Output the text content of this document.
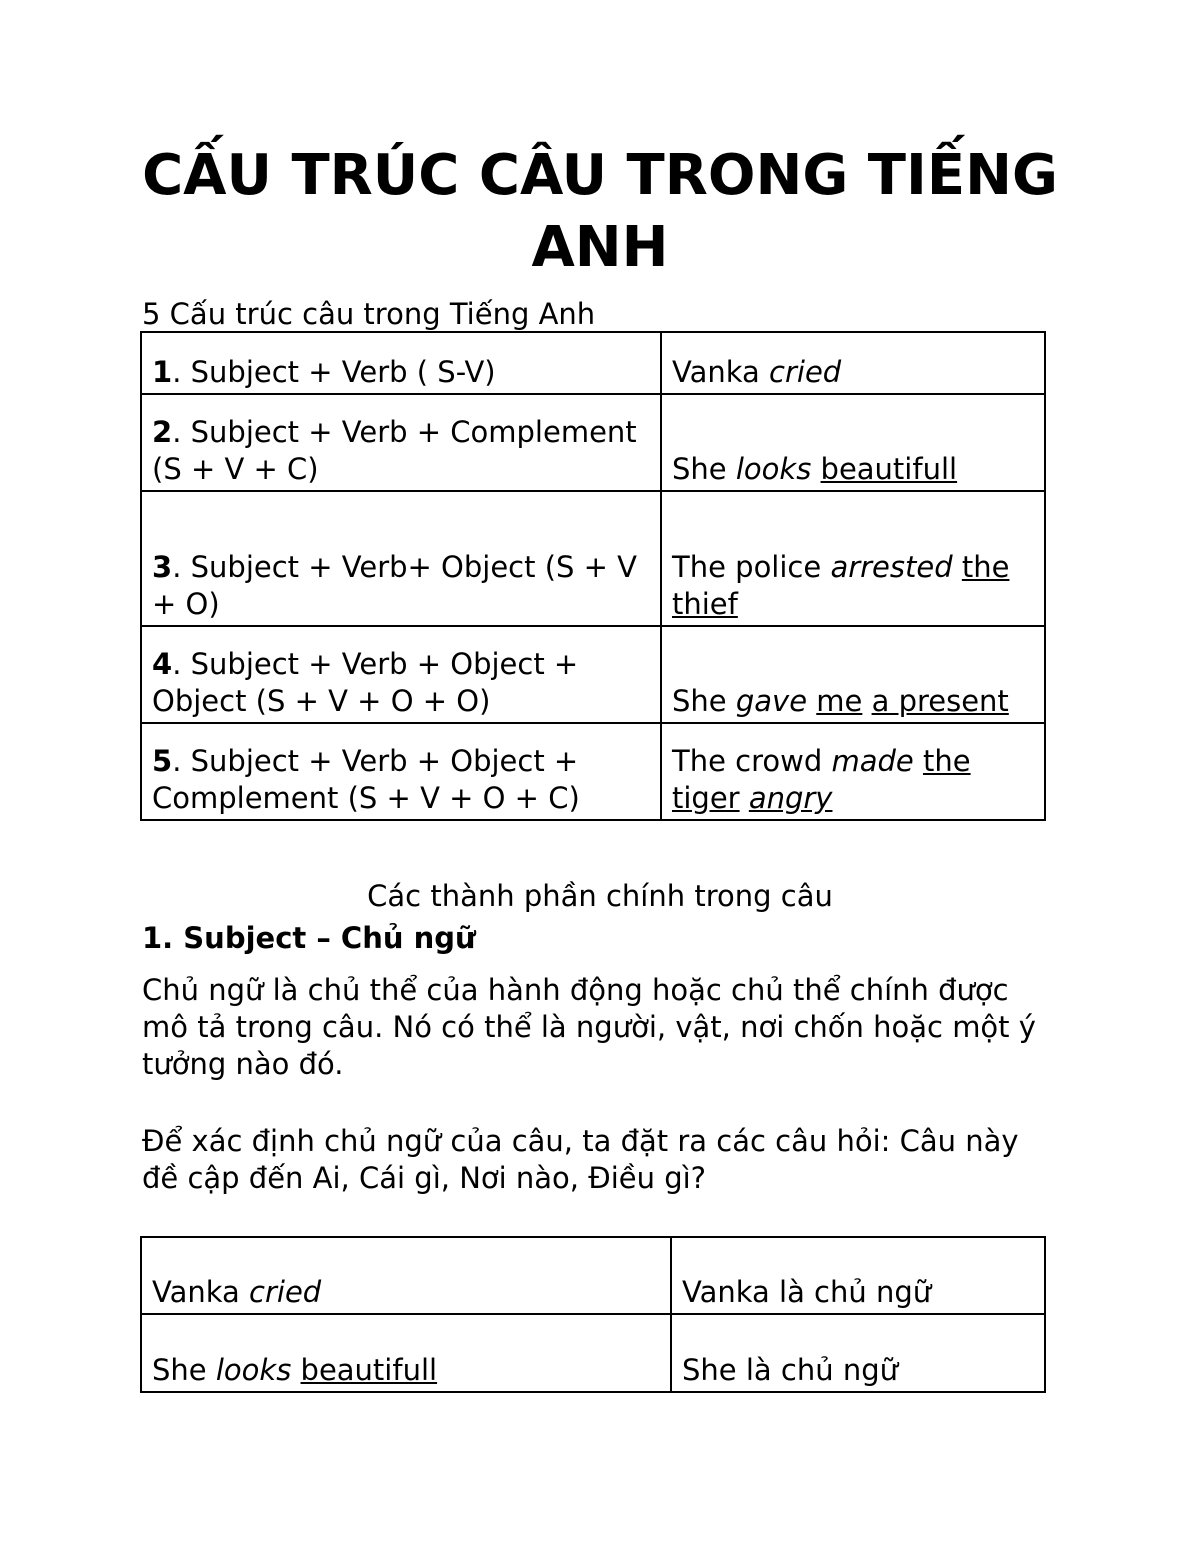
CẤU TRÚC CÂU TRONG TIẾNG ANH

5 Cấu trúc câu trong Tiếng Anh

1. Subject + Verb ( S-V)	Vanka cried
2. Subject + Verb + Complement (S + V + C)	She looks beautifull
3. Subject + Verb+ Object (S + V + O)	The police arrested the thief
4. Subject + Verb + Object + Object (S + V + O + O)	She gave me a present
5. Subject + Verb + Object + Complement (S + V + O + C)	The crowd made the tiger angry

Các thành phần chính trong câu

1. Subject – Chủ ngữ

Chủ ngữ là chủ thể của hành động hoặc chủ thể chính được mô tả trong câu. Nó có thể là người, vật, nơi chốn hoặc một ý tưởng nào đó.

Để xác định chủ ngữ của câu, ta đặt ra các câu hỏi: Câu này đề cập đến Ai, Cái gì, Nơi nào, Điều gì?

Vanka cried	Vanka là chủ ngữ
She looks beautifull	She là chủ ngữ
